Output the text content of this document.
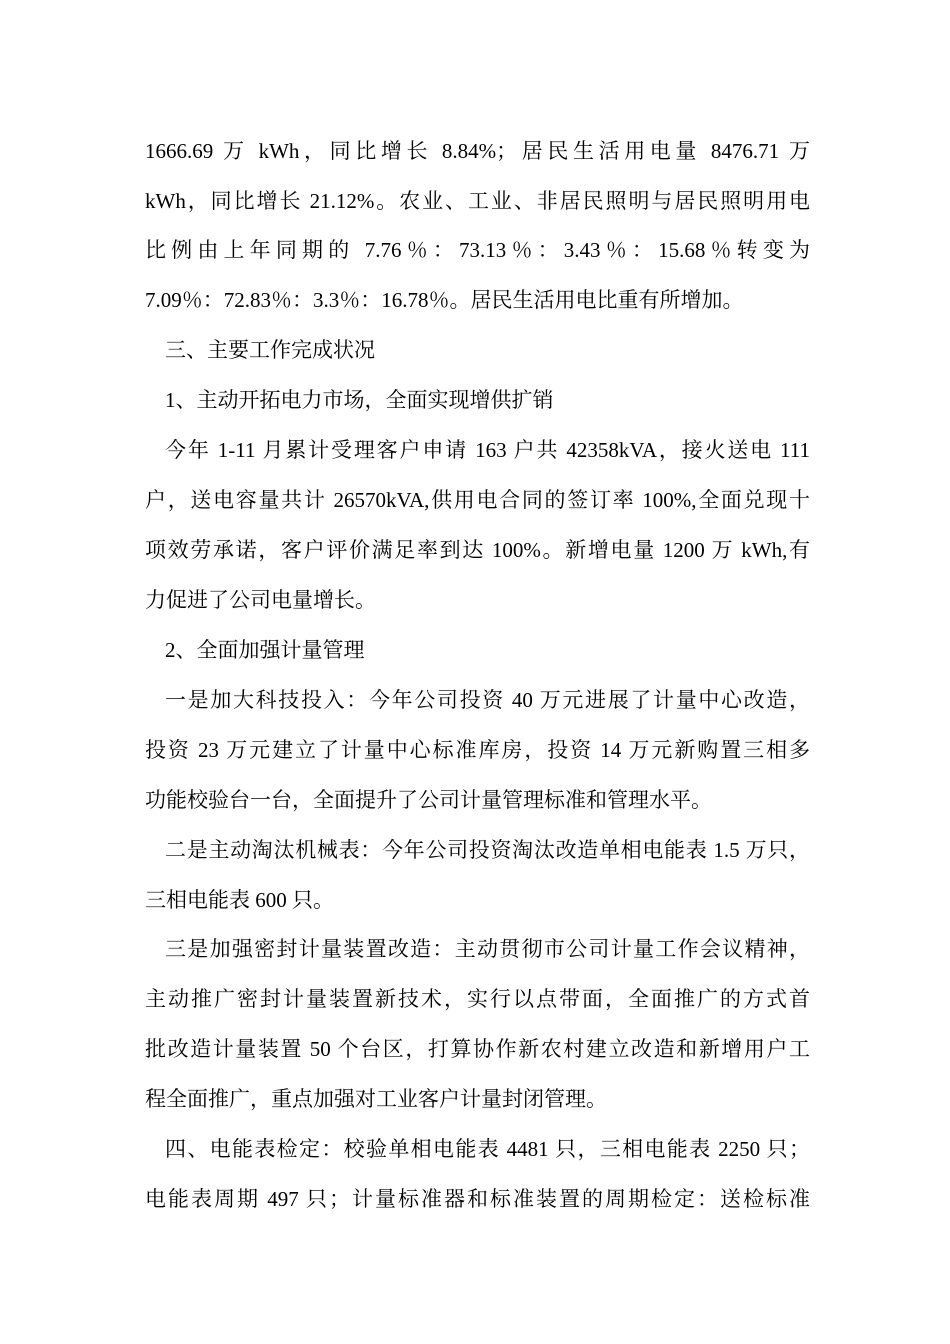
1666.69 万 kWh，同比增长 8.84%；居民生活用电量 8476.71 万
kWh，同比增长 21.12%。农业、工业、非居民照明与居民照明用电
比例由上年同期的 7.76％：73.13％：3.43％：15.68％转变为
7.09％：72.83％：3.3％：16.78％。居民生活用电比重有所增加。
三、主要工作完成状况
1、主动开拓电力市场，全面实现增供扩销
今年 1-11 月累计受理客户申请 163 户共 42358kVA，接火送电 111
户，送电容量共计 26570kVA,供用电合同的签订率 100%,全面兑现十
项效劳承诺，客户评价满足率到达 100%。新增电量 1200 万 kWh,有
力促进了公司电量增长。
2、全面加强计量管理
一是加大科技投入：今年公司投资 40 万元进展了计量中心改造，
投资 23 万元建立了计量中心标准库房，投资 14 万元新购置三相多
功能校验台一台，全面提升了公司计量管理标准和管理水平。
二是主动淘汰机械表：今年公司投资淘汰改造单相电能表 1.5 万只，
三相电能表 600 只。
三是加强密封计量装置改造：主动贯彻市公司计量工作会议精神，
主动推广密封计量装置新技术，实行以点带面，全面推广的方式首
批改造计量装置 50 个台区，打算协作新农村建立改造和新增用户工
程全面推广，重点加强对工业客户计量封闭管理。
四、电能表检定：校验单相电能表 4481 只，三相电能表 2250 只；
电能表周期 497 只；计量标准器和标准装置的周期检定：送检标准
